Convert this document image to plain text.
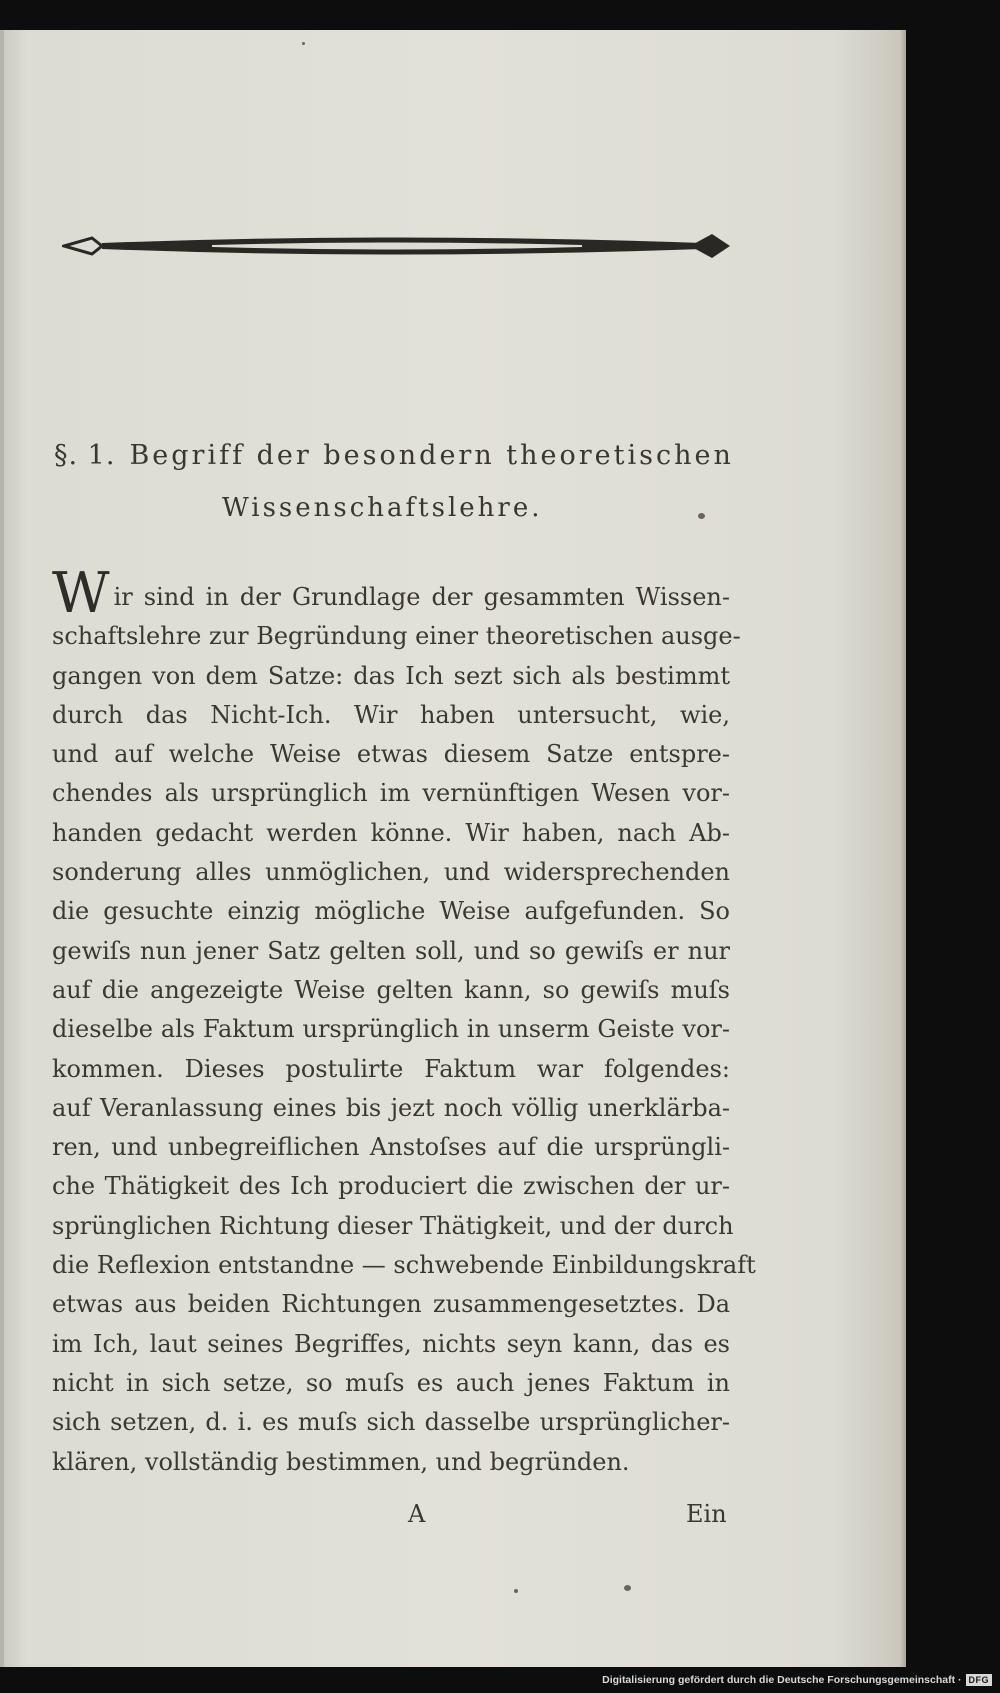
§. 1. Begriff der besondern theoretischen
Wissenschaftslehre.
W ir sind in der Grundlage der gesammten Wissen-
schaftslehre zur Begründung einer theoretischen ausge-
gangen von dem Satze: das Ich sezt sich als bestimmt
durch das Nicht-Ich. Wir haben untersucht, wie,
und auf welche Weise etwas diesem Satze entspre-
chendes als ursprünglich im vernünftigen Wesen vor-
handen gedacht werden könne. Wir haben, nach Ab-
sonderung alles unmöglichen, und widersprechenden
die gesuchte einzig mögliche Weise aufgefunden. So
gewiſs nun jener Satz gelten soll, und so gewiſs er nur
auf die angezeigte Weise gelten kann, so gewiſs muſs
dieselbe als Faktum ursprünglich in unserm Geiste vor-
kommen. Dieses postulirte Faktum war folgendes:
auf Veranlassung eines bis jezt noch völlig unerklärba-
ren, und unbegreiflichen Anstoſses auf die ursprüngli-
che Thätigkeit des Ich produciert die zwischen der ur-
sprünglichen Richtung dieser Thätigkeit, und der durch
die Reflexion entstandne — schwebende Einbildungskraft
etwas aus beiden Richtungen zusammengesetztes. Da
im Ich, laut seines Begriffes, nichts seyn kann, das es
nicht in sich setze, so muſs es auch jenes Faktum in
sich setzen, d. i. es muſs sich dasselbe ursprünglicher-
klären, vollständig bestimmen, und begründen.
A	Ein
Digitalisierung gefördert durch die Deutsche Forschungsgemeinschaft · DFG
